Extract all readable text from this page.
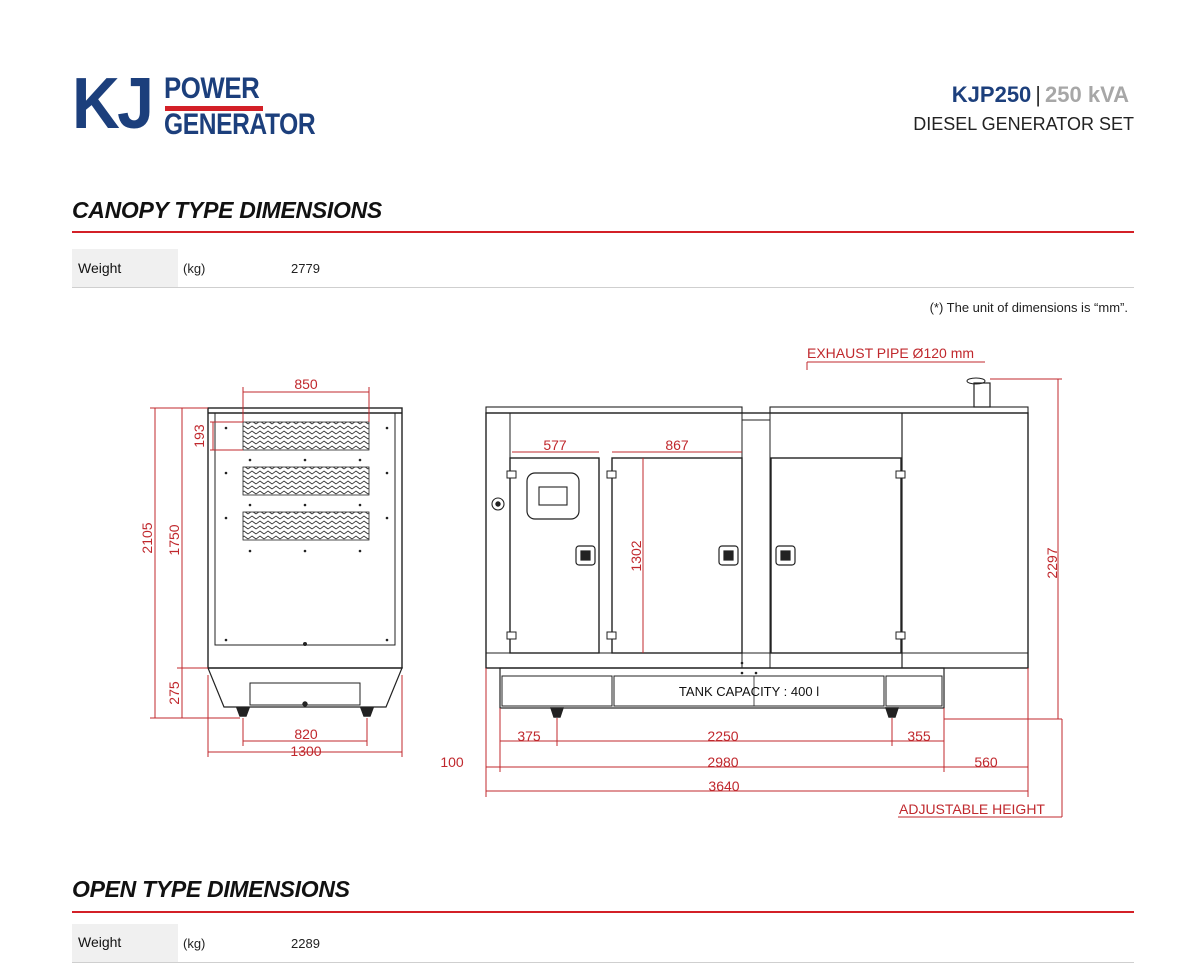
KJ POWER
GENERATOR
KJP250 | 250 kVA
DIESEL GENERATOR SET
CANOPY TYPE DIMENSIONS
Weight	(kg)	2779
(*) The unit of dimensions is “mm”.
850
193
2105 1750
275
820
1300
577	867
1302
EXHAUST PIPE Ø120 mm
2297
375	2250	355
100	2980	560
3640
ADJUSTABLE HEIGHT
TANK CAPACITY : 400 l
OPEN TYPE DIMENSIONS
Weight	(kg)	2289
